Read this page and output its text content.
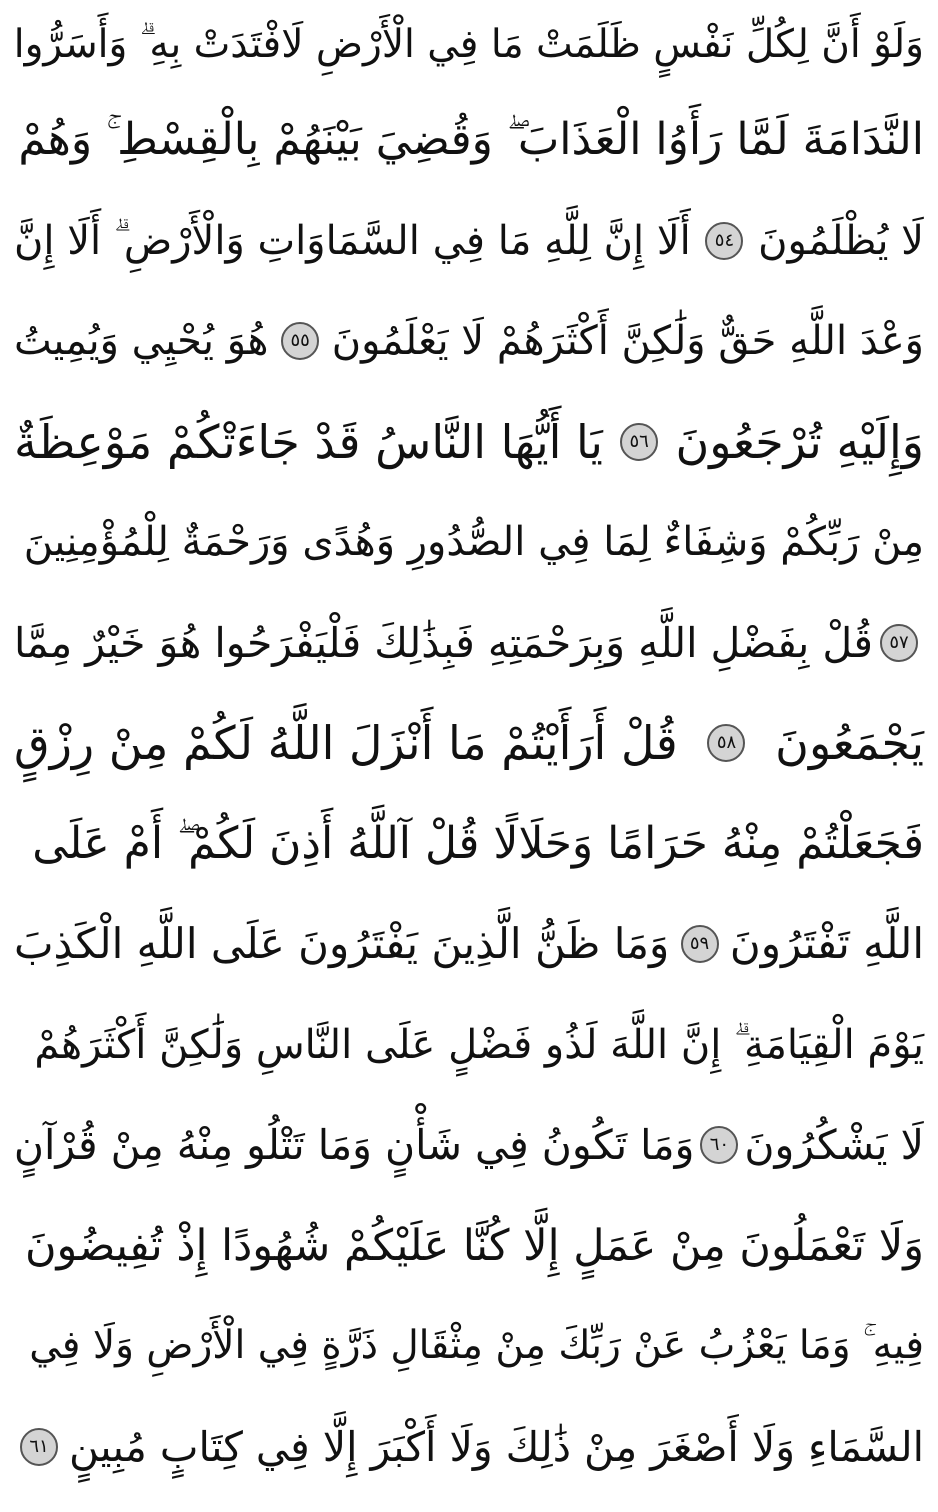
وَلَوْ أَنَّ لِكُلِّ نَفْسٍ ظَلَمَتْ مَا فِي الْأَرْضِ لَافْتَدَتْ بِهِ ۗ وَأَسَرُّوا
النَّدَامَةَ لَمَّا رَأَوُا الْعَذَابَ ۖ وَقُضِيَ بَيْنَهُمْ بِالْقِسْطِ ۚ وَهُمْ
لَا يُظْلَمُونَ
٥٤
أَلَا إِنَّ لِلَّهِ مَا فِي السَّمَاوَاتِ وَالْأَرْضِ ۗ أَلَا إِنَّ
وَعْدَ اللَّهِ حَقٌّ وَلَٰكِنَّ أَكْثَرَهُمْ لَا يَعْلَمُونَ
٥٥
هُوَ يُحْيِي وَيُمِيتُ
وَإِلَيْهِ تُرْجَعُونَ
٥٦
يَا أَيُّهَا النَّاسُ قَدْ جَاءَتْكُمْ مَوْعِظَةٌ
مِنْ رَبِّكُمْ وَشِفَاءٌ لِمَا فِي الصُّدُورِ وَهُدًى وَرَحْمَةٌ لِلْمُؤْمِنِينَ
٥٧
قُلْ بِفَضْلِ اللَّهِ وَبِرَحْمَتِهِ فَبِذَٰلِكَ فَلْيَفْرَحُوا هُوَ خَيْرٌ مِمَّا
يَجْمَعُونَ
٥٨
قُلْ أَرَأَيْتُمْ مَا أَنْزَلَ اللَّهُ لَكُمْ مِنْ رِزْقٍ
فَجَعَلْتُمْ مِنْهُ حَرَامًا وَحَلَالًا قُلْ آللَّهُ أَذِنَ لَكُمْ ۖ أَمْ عَلَى
اللَّهِ تَفْتَرُونَ
٥٩
وَمَا ظَنُّ الَّذِينَ يَفْتَرُونَ عَلَى اللَّهِ الْكَذِبَ
يَوْمَ الْقِيَامَةِ ۗ إِنَّ اللَّهَ لَذُو فَضْلٍ عَلَى النَّاسِ وَلَٰكِنَّ أَكْثَرَهُمْ
لَا يَشْكُرُونَ
٦٠
وَمَا تَكُونُ فِي شَأْنٍ وَمَا تَتْلُو مِنْهُ مِنْ قُرْآنٍ
وَلَا تَعْمَلُونَ مِنْ عَمَلٍ إِلَّا كُنَّا عَلَيْكُمْ شُهُودًا إِذْ تُفِيضُونَ
فِيهِ ۚ وَمَا يَعْزُبُ عَنْ رَبِّكَ مِنْ مِثْقَالِ ذَرَّةٍ فِي الْأَرْضِ وَلَا فِي
السَّمَاءِ وَلَا أَصْغَرَ مِنْ ذَٰلِكَ وَلَا أَكْبَرَ إِلَّا فِي كِتَابٍ مُبِينٍ
٦١
